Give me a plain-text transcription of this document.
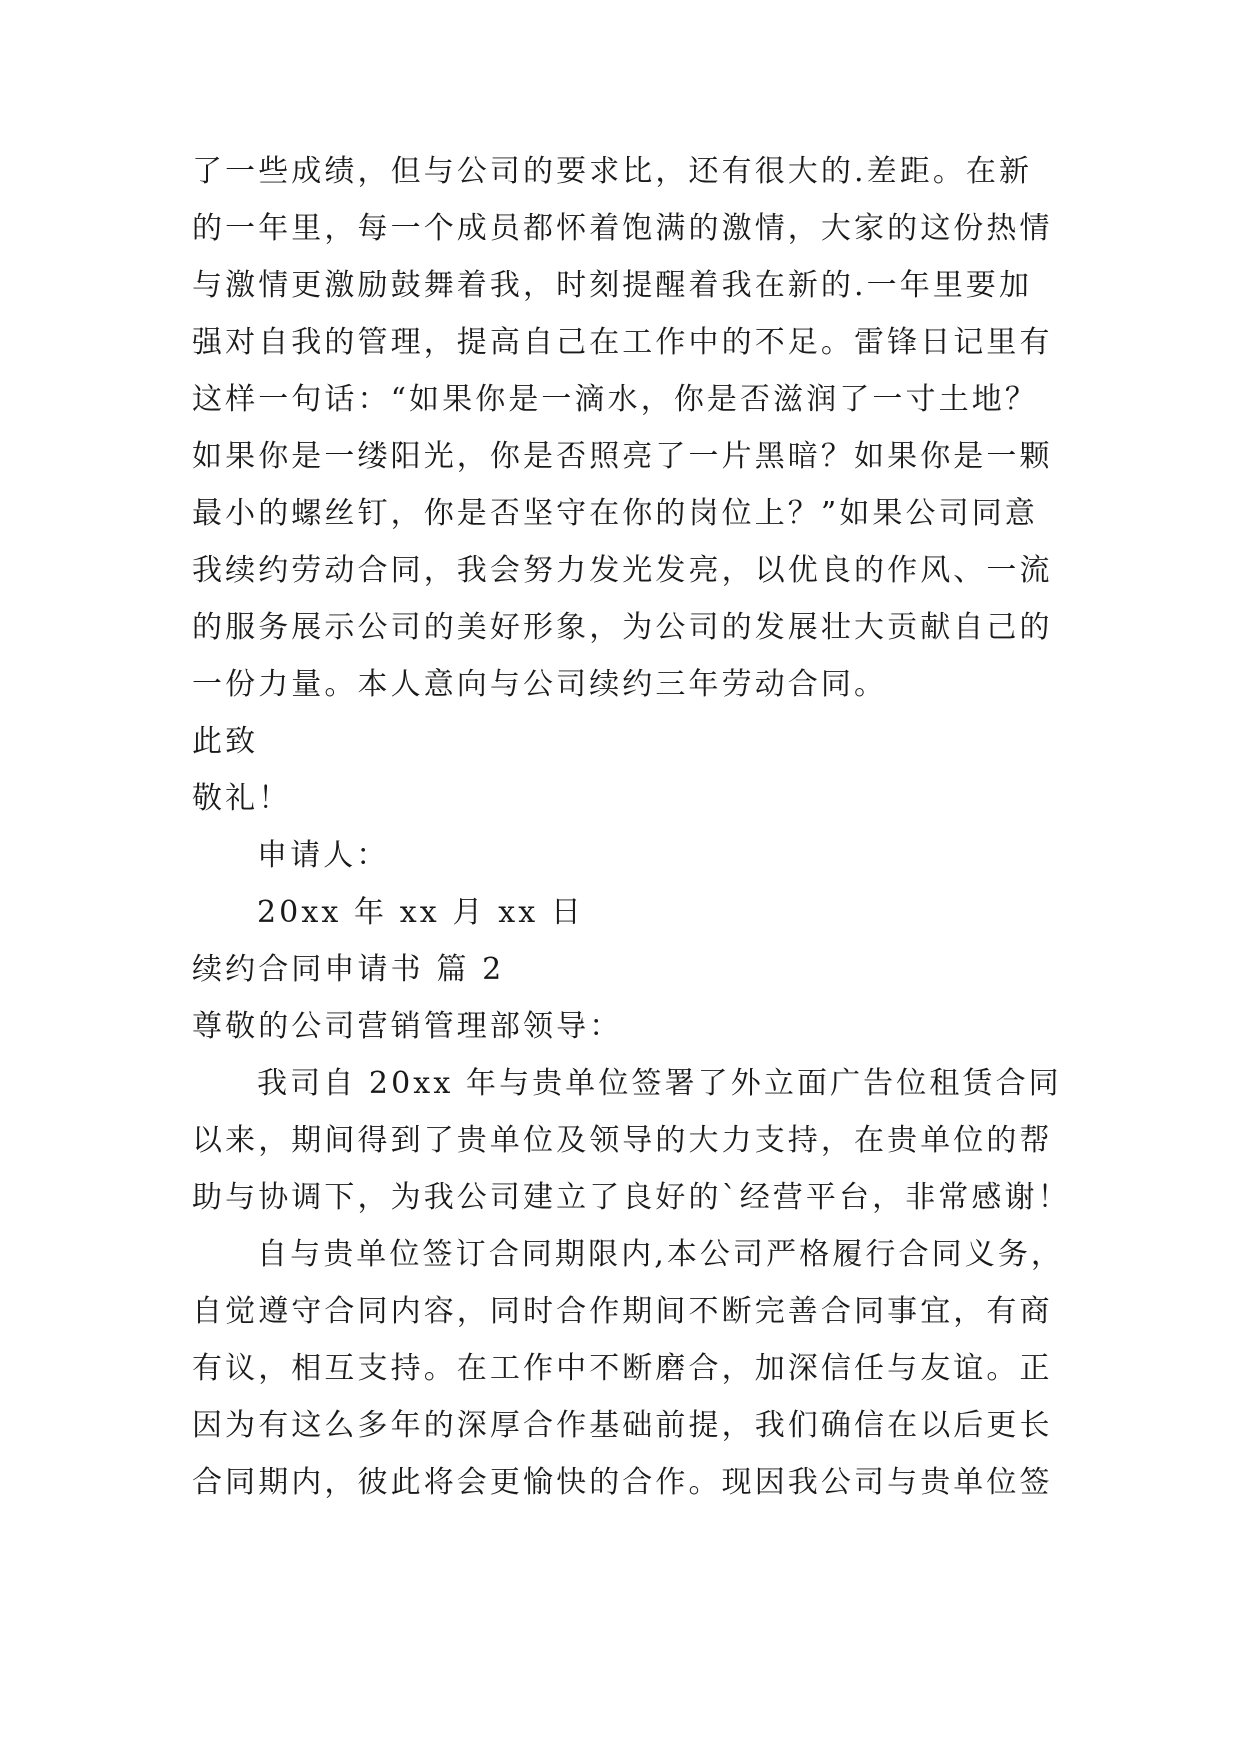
了一些成绩，但与公司的要求比，还有很大的.差距。在新
的一年里，每一个成员都怀着饱满的激情，大家的这份热情
与激情更激励鼓舞着我，时刻提醒着我在新的.一年里要加
强对自我的管理，提高自己在工作中的不足。雷锋日记里有
这样一句话：“如果你是一滴水，你是否滋润了一寸土地？
如果你是一缕阳光，你是否照亮了一片黑暗？如果你是一颗
最小的螺丝钉，你是否坚守在你的岗位上？”如果公司同意
我续约劳动合同，我会努力发光发亮，以优良的作风、一流
的服务展示公司的美好形象，为公司的发展壮大贡献自己的
一份力量。本人意向与公司续约三年劳动合同。
此致
敬礼！
申请人：
20xx 年 xx 月 xx 日
续约合同申请书 篇 2
尊敬的公司营销管理部领导：
我司自 20xx 年与贵单位签署了外立面广告位租赁合同
以来，期间得到了贵单位及领导的大力支持，在贵单位的帮
助与协调下，为我公司建立了良好的`经营平台，非常感谢！
自与贵单位签订合同期限内,本公司严格履行合同义务，
自觉遵守合同内容，同时合作期间不断完善合同事宜，有商
有议，相互支持。在工作中不断磨合，加深信任与友谊。正
因为有这么多年的深厚合作基础前提，我们确信在以后更长
合同期内，彼此将会更愉快的合作。现因我公司与贵单位签
